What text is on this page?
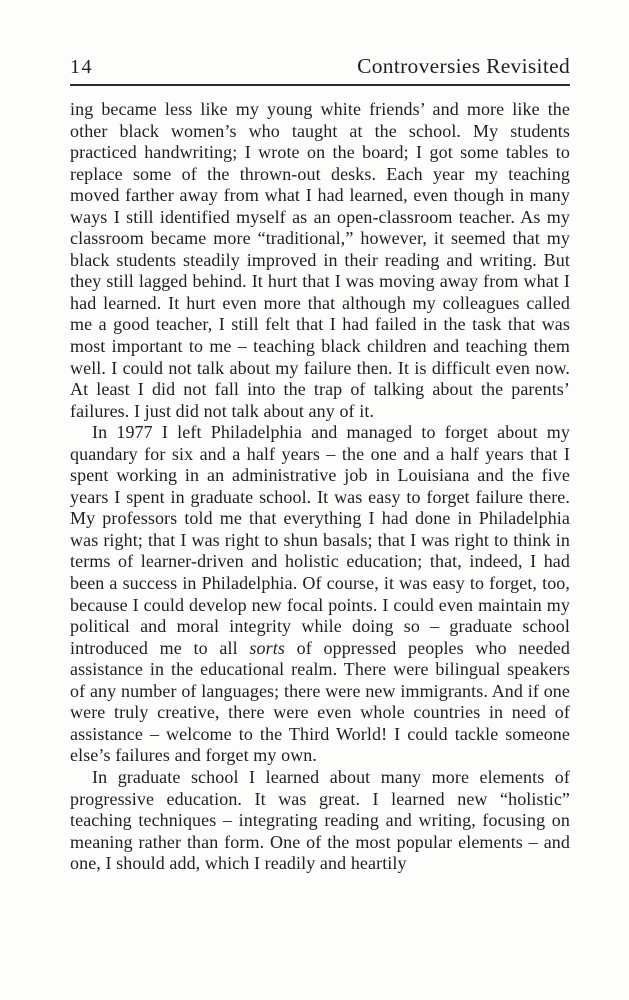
14	Controversies Revisited

ing became less like my young white friends’ and more like the other black women’s who taught at the school. My students practiced handwriting; I wrote on the board; I got some tables to replace some of the thrown-out desks. Each year my teaching moved farther away from what I had learned, even though in many ways I still identified myself as an open-classroom teacher. As my classroom became more “traditional,” however, it seemed that my black students steadily improved in their reading and writing. But they still lagged behind. It hurt that I was moving away from what I had learned. It hurt even more that although my colleagues called me a good teacher, I still felt that I had failed in the task that was most important to me – teaching black children and teaching them well. I could not talk about my failure then. It is difficult even now. At least I did not fall into the trap of talking about the parents’ failures. I just did not talk about any of it.

In 1977 I left Philadelphia and managed to forget about my quandary for six and a half years – the one and a half years that I spent working in an administrative job in Louisiana and the five years I spent in graduate school. It was easy to forget failure there. My professors told me that everything I had done in Philadelphia was right; that I was right to shun basals; that I was right to think in terms of learner-driven and holistic education; that, indeed, I had been a success in Philadelphia. Of course, it was easy to forget, too, because I could develop new focal points. I could even maintain my political and moral integrity while doing so – graduate school introduced me to all sorts of oppressed peoples who needed assistance in the educational realm. There were bilingual speakers of any number of languages; there were new immigrants. And if one were truly creative, there were even whole countries in need of assistance – welcome to the Third World! I could tackle someone else’s failures and forget my own.

In graduate school I learned about many more elements of progressive education. It was great. I learned new “holistic” teaching techniques – integrating reading and writing, focusing on meaning rather than form. One of the most popular elements – and one, I should add, which I readily and heartily
